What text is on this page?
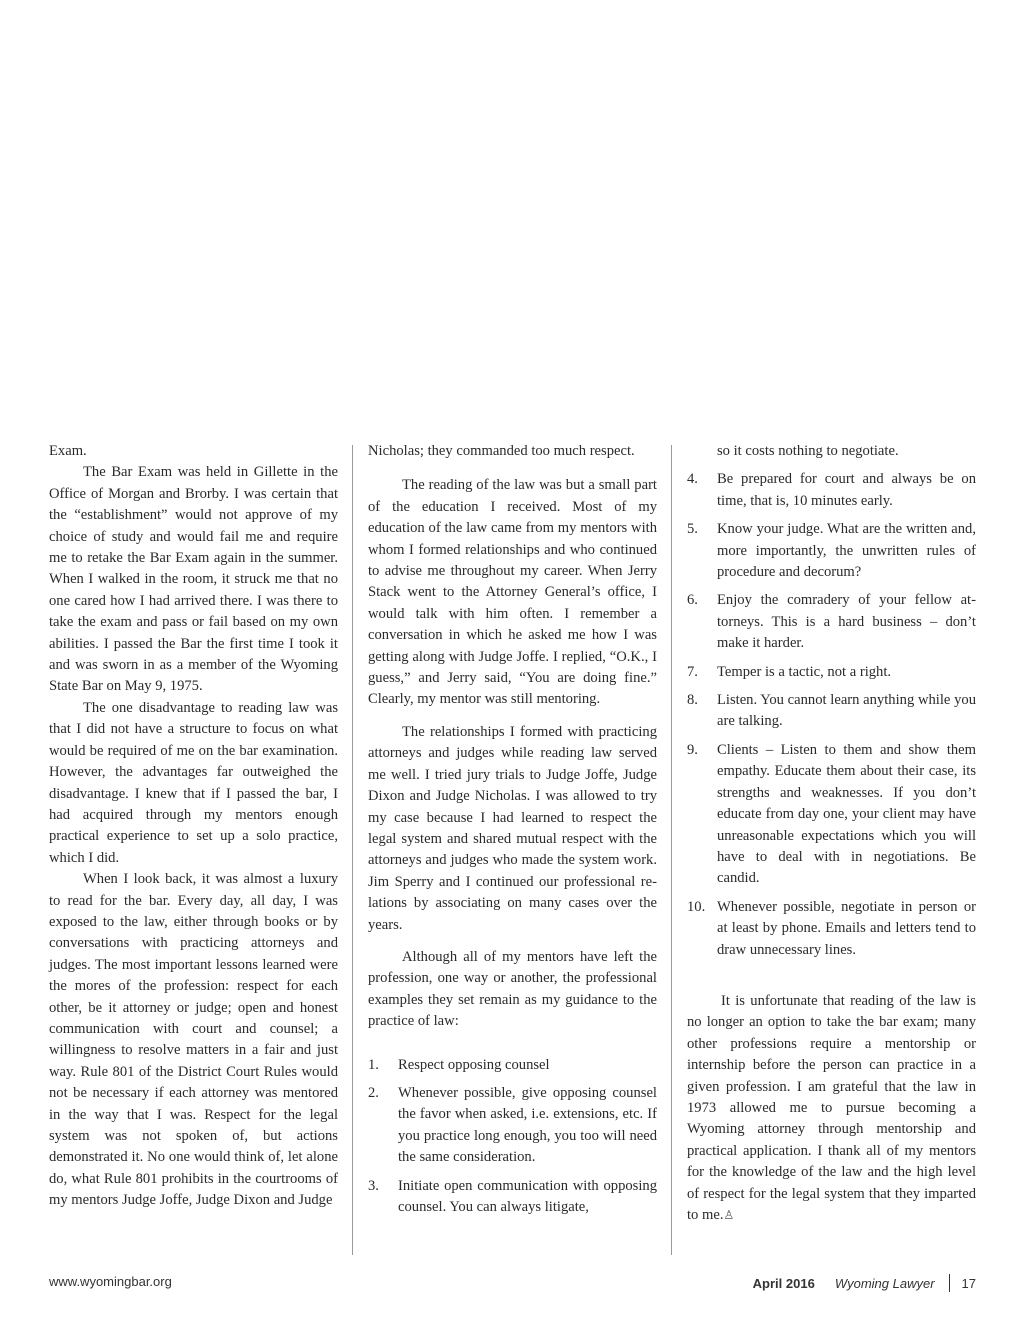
Exam.

The Bar Exam was held in Gillette in the Office of Morgan and Brorby. I was certain that the “establishment” would not approve of my choice of study and would fail me and require me to retake the Bar Exam again in the summer. When I walked in the room, it struck me that no one cared how I had arrived there. I was there to take the exam and pass or fail based on my own abilities. I passed the Bar the first time I took it and was sworn in as a member of the Wyoming State Bar on May 9, 1975.

The one disadvantage to reading law was that I did not have a structure to focus on what would be required of me on the bar examination. However, the advantages far outweighed the disadvantage. I knew that if I passed the bar, I had acquired through my mentors enough practical experience to set up a solo practice, which I did.

When I look back, it was almost a luxury to read for the bar. Every day, all day, I was exposed to the law, either through books or by conversations with practicing attorneys and judges. The most important lessons learned were the mores of the profession: respect for each other, be it attorney or judge; open and honest communication with court and counsel; a willingness to resolve matters in a fair and just way. Rule 801 of the District Court Rules would not be necessary if each attorney was mentored in the way that I was. Respect for the legal system was not spoken of, but actions demonstrated it. No one would think of, let alone do, what Rule 801 prohibits in the courtrooms of my mentors Judge Joffe, Judge Dixon and Judge

Nicholas; they commanded too much respect.

The reading of the law was but a small part of the education I received. Most of my education of the law came from my mentors with whom I formed relationships and who continued to advise me throughout my career. When Jerry Stack went to the Attorney General’s office, I would talk with him often. I remember a conversation in which he asked me how I was getting along with Judge Joffe. I replied, “O.K., I guess,” and Jerry said, “You are doing fine.” Clearly, my mentor was still mentoring.

The relationships I formed with practicing attorneys and judges while reading law served me well. I tried jury trials to Judge Joffe, Judge Dixon and Judge Nicholas. I was allowed to try my case because I had learned to respect the legal system and shared mutual respect with the attorneys and judges who made the system work. Jim Sperry and I continued our professional relations by associating on many cases over the years.

Although all of my mentors have left the profession, one way or another, the professional examples they set remain as my guidance to the practice of law:

1. Respect opposing counsel
2. Whenever possible, give opposing counsel the favor when asked, i.e. extensions, etc. If you practice long enough, you too will need the same consideration.
3. Initiate open communication with opposing counsel. You can always litigate,

so it costs nothing to negotiate.

4. Be prepared for court and always be on time, that is, 10 minutes early.
5. Know your judge. What are the written and, more importantly, the unwritten rules of procedure and decorum?
6. Enjoy the comradery of your fellow attorneys. This is a hard business – don’t make it harder.
7. Temper is a tactic, not a right.
8. Listen. You cannot learn anything while you are talking.
9. Clients – Listen to them and show them empathy. Educate them about their case, its strengths and weaknesses. If you don’t educate from day one, your client may have unreasonable expectations which you will have to deal with in negotiations. Be candid.
10. Whenever possible, negotiate in person or at least by phone. Emails and letters tend to draw unnecessary lines.

It is unfortunate that reading of the law is no longer an option to take the bar exam; many other professions require a mentorship or internship before the person can practice in a given profession. I am grateful that the law in 1973 allowed me to pursue becoming a Wyoming attorney through mentorship and practical application. I thank all of my mentors for the knowledge of the law and the high level of respect for the legal system that they imparted to me.♙

www.wyomingbar.org	April 2016 Wyoming Lawyer 17
